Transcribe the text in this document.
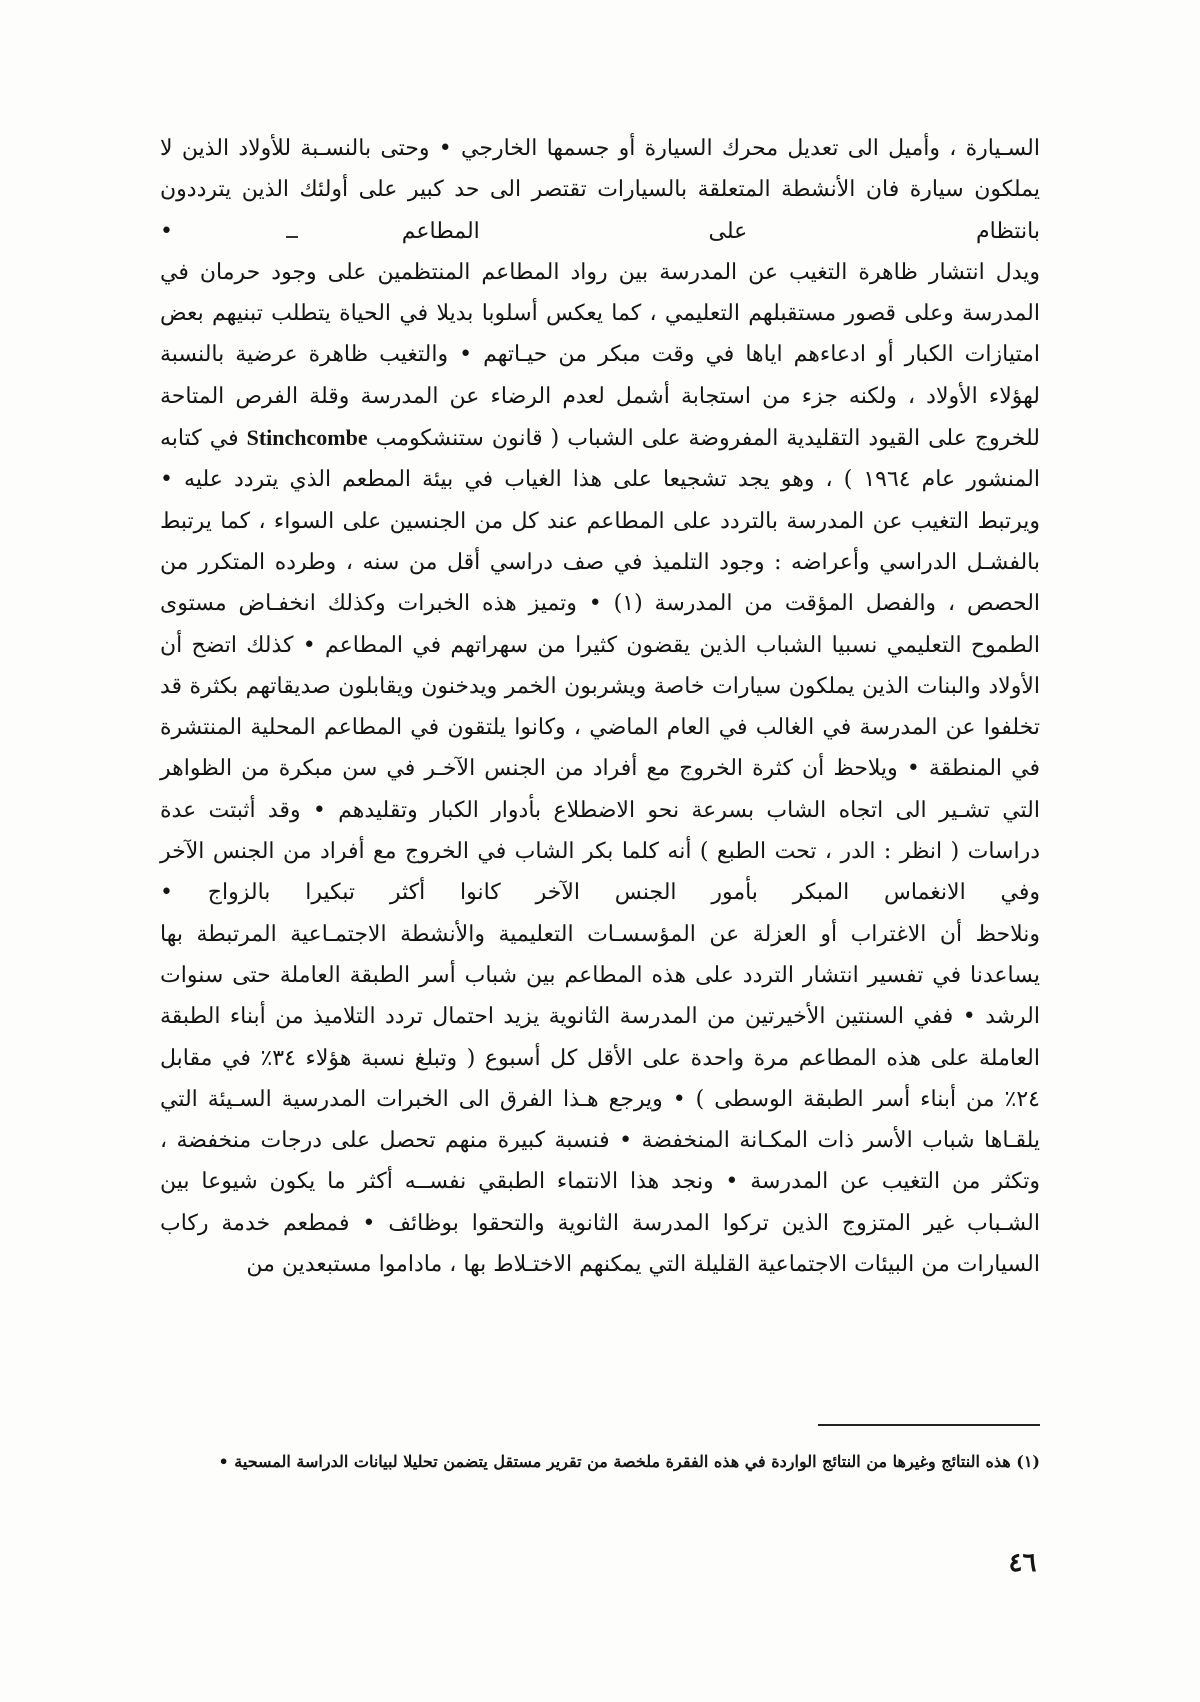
السـيارة ، وأميل الى تعديل محرك السيارة أو جسمها الخارجي • وحتى بالنسـبة للأولاد الذين لا يملكون سيارة فان الأنشطة المتعلقة بالسيارات تقتصر الى حد كبير على أولئك الذين يترددون بانتظام على المطاعم •

ويدل انتشار ظاهرة التغيب عن المدرسة بين رواد المطاعم المنتظمين على وجود حرمان في المدرسة وعلى قصور مستقبلهم التعليمي ، كما يعكس أسلوبا بديلا في الحياة يتطلب تبنيهم بعض امتيازات الكبار أو ادعاءهم اياها في وقت مبكر من حيـاتهم • والتغيب ظاهرة عرضية بالنسبة لهؤلاء الأولاد ، ولكنه جزء من استجابة أشمل لعدم الرضاء عن المدرسة وقلة الفرص المتاحة للخروج على القيود التقليدية المفروضة على الشباب ( قانون ستنشكومب Stinchcombe في كتابه المنشور عام ١٩٦٤ ) ، وهو يجد تشجيعا على هذا الغياب في بيئة المطعم الذي يتردد عليه • ويرتبط التغيب عن المدرسة بالتردد على المطاعم عند كل من الجنسين على السواء ، كما يرتبط بالفشـل الدراسي وأعراضه : وجود التلميذ في صف دراسي أقل من سنه ، وطرده المتكرر من الحصص ، والفصل المؤقت من المدرسة (١) • وتميز هذه الخبرات وكذلك انخفـاض مستوى الطموح التعليمي نسبيا الشباب الذين يقضون كثيرا من سهراتهم في المطاعم • كذلك اتضح أن الأولاد والبنات الذين يملكون سيارات خاصة ويشربون الخمر ويدخنون ويقابلون صديقاتهم بكثرة قد تخلفوا عن المدرسة في الغالب في العام الماضي ، وكانوا يلتقون في المطاعم المحلية المنتشرة في المنطقة • ويلاحظ أن كثرة الخروج مع أفراد من الجنس الآخـر في سن مبكرة من الظواهر التي تشـير الى اتجاه الشاب بسرعة نحو الاضطلاع بأدوار الكبار وتقليدهم • وقد أثبتت عدة دراسات ( انظر : الدر ، تحت الطبع ) أنه كلما بكر الشاب في الخروج مع أفراد من الجنس الآخر وفي الانغماس المبكر بأمور الجنس الآخر كانوا أكثر تبكيرا بالزواج •

ونلاحظ أن الاغتراب أو العزلة عن المؤسسـات التعليمية والأنشطة الاجتمـاعية المرتبطة بها يساعدنا في تفسير انتشار التردد على هذه المطاعم بين شباب أسر الطبقة العاملة حتى سنوات الرشد • ففي السنتين الأخيرتين من المدرسة الثانوية يزيد احتمال تردد التلاميذ من أبناء الطبقة العاملة على هذه المطاعم مرة واحدة على الأقل كل أسبوع ( وتبلغ نسبة هؤلاء ٣٤٪ في مقابل ٢٤٪ من أبناء أسر الطبقة الوسطى ) • ويرجع هـذا الفرق الى الخبرات المدرسية السـيئة التي يلقـاها شباب الأسر ذات المكـانة المنخفضة • فنسبة كبيرة منهم تحصل على درجات منخفضة ، وتكثر من التغيب عن المدرسة • ونجد هذا الانتماء الطبقي نفســه أكثر ما يكون شيوعا بين الشـباب غير المتزوج الذين تركوا المدرسة الثانوية والتحقوا بوظائف • فمطعم خدمة ركاب السيارات من البيئات الاجتماعية القليلة التي يمكنهم الاختـلاط بها ، ماداموا مستبعدين من

(١) هذه النتائج وغيرها من النتائج الواردة في هذه الفقرة ملخصة من تقرير مستقل يتضمن تحليلا لبيانات الدراسة المسحية •
٤٦
